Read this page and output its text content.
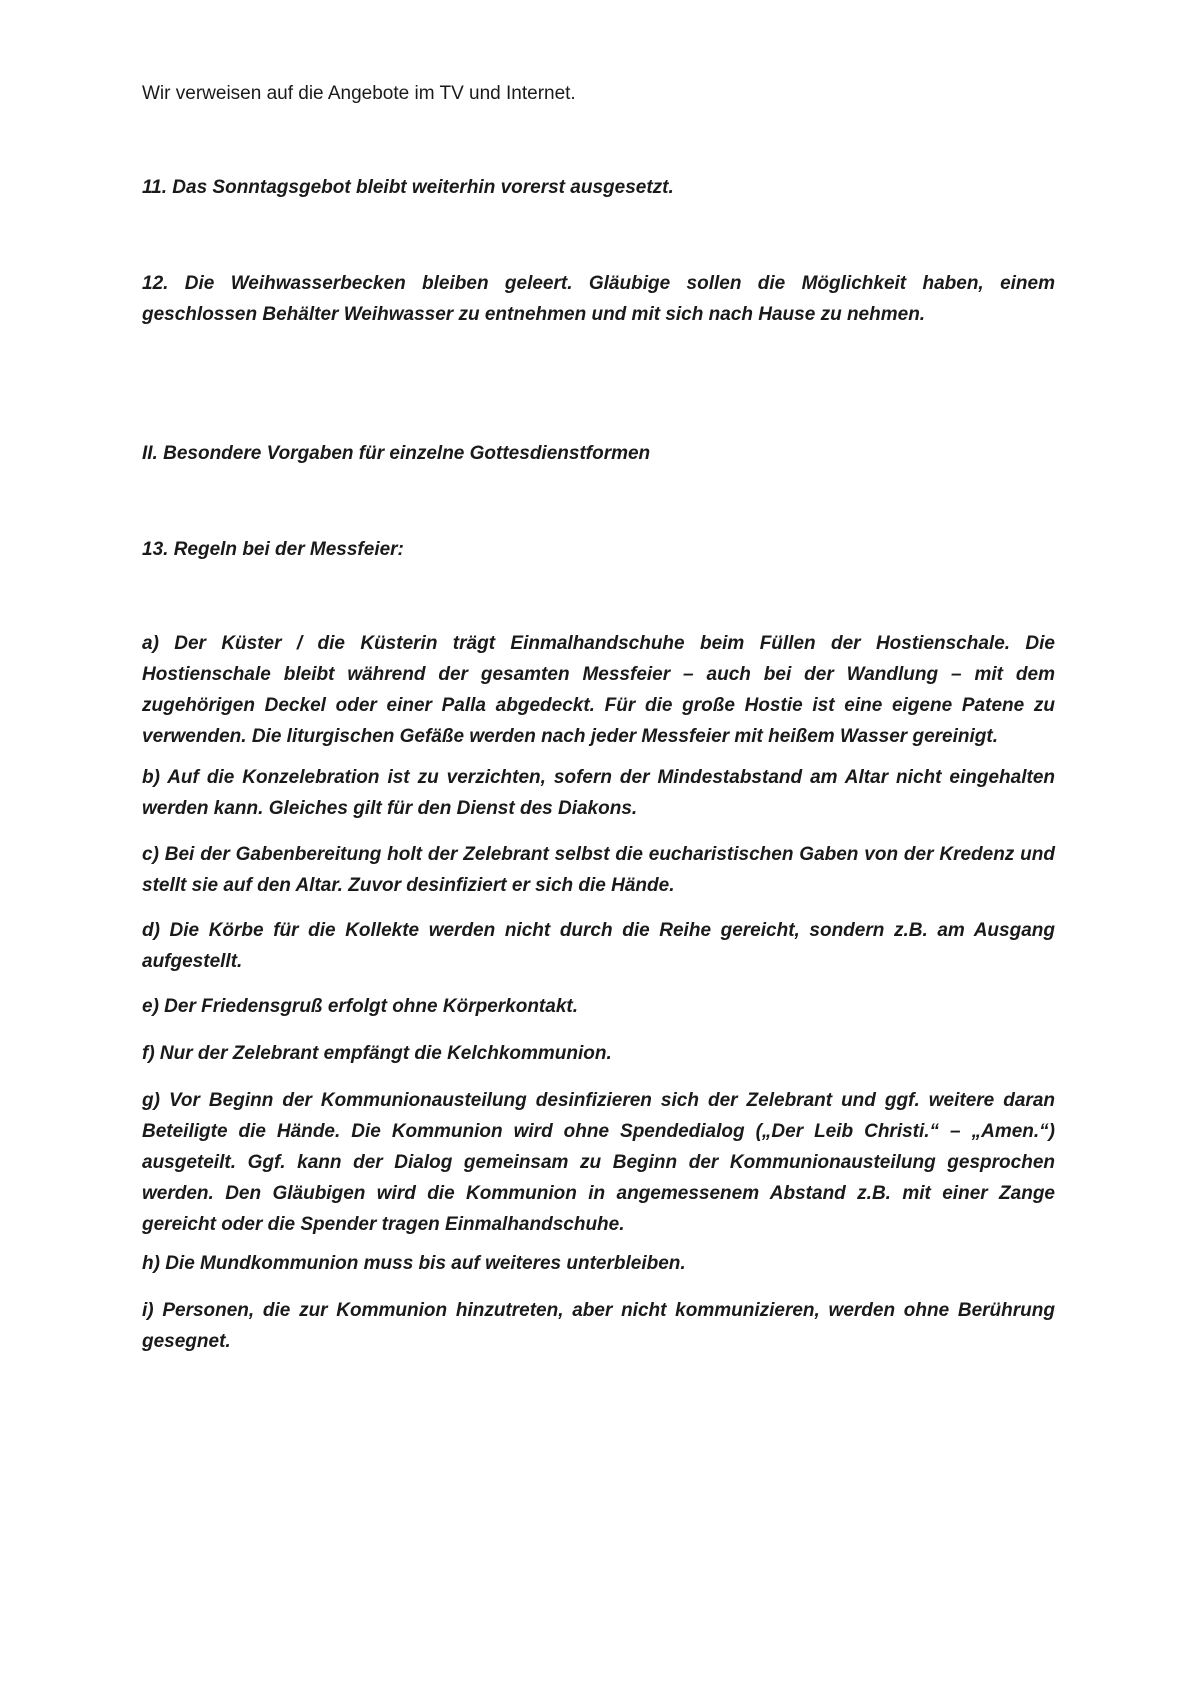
Wir verweisen auf die Angebote im TV und Internet.

11. Das Sonntagsgebot bleibt weiterhin vorerst ausgesetzt.

12. Die Weihwasserbecken bleiben geleert. Gläubige sollen die Möglichkeit haben, einem geschlossen Behälter Weihwasser zu entnehmen und mit sich nach Hause zu nehmen.

II. Besondere Vorgaben für einzelne Gottesdienstformen

13. Regeln bei der Messfeier:

a) Der Küster / die Küsterin trägt Einmalhandschuhe beim Füllen der Hostienschale. Die Hostienschale bleibt während der gesamten Messfeier – auch bei der Wandlung – mit dem zugehörigen Deckel oder einer Palla abgedeckt. Für die große Hostie ist eine eigene Patene zu verwenden. Die liturgischen Gefäße werden nach jeder Messfeier mit heißem Wasser gereinigt.

b) Auf die Konzelebration ist zu verzichten, sofern der Mindestabstand am Altar nicht eingehalten werden kann. Gleiches gilt für den Dienst des Diakons.

c) Bei der Gabenbereitung holt der Zelebrant selbst die eucharistischen Gaben von der Kredenz und stellt sie auf den Altar. Zuvor desinfiziert er sich die Hände.

d) Die Körbe für die Kollekte werden nicht durch die Reihe gereicht, sondern z.B. am Ausgang aufgestellt.

e) Der Friedensgruß erfolgt ohne Körperkontakt.

f) Nur der Zelebrant empfängt die Kelchkommunion.

g) Vor Beginn der Kommunionausteilung desinfizieren sich der Zelebrant und ggf. weitere daran Beteiligte die Hände. Die Kommunion wird ohne Spendedialog („Der Leib Christi.“ – „Amen.“) ausgeteilt. Ggf. kann der Dialog gemeinsam zu Beginn der Kommunionausteilung gesprochen werden. Den Gläubigen wird die Kommunion in angemessenem Abstand z.B. mit einer Zange gereicht oder die Spender tragen Einmalhandschuhe.

h) Die Mundkommunion muss bis auf weiteres unterbleiben.

i) Personen, die zur Kommunion hinzutreten, aber nicht kommunizieren, werden ohne Berührung gesegnet.
